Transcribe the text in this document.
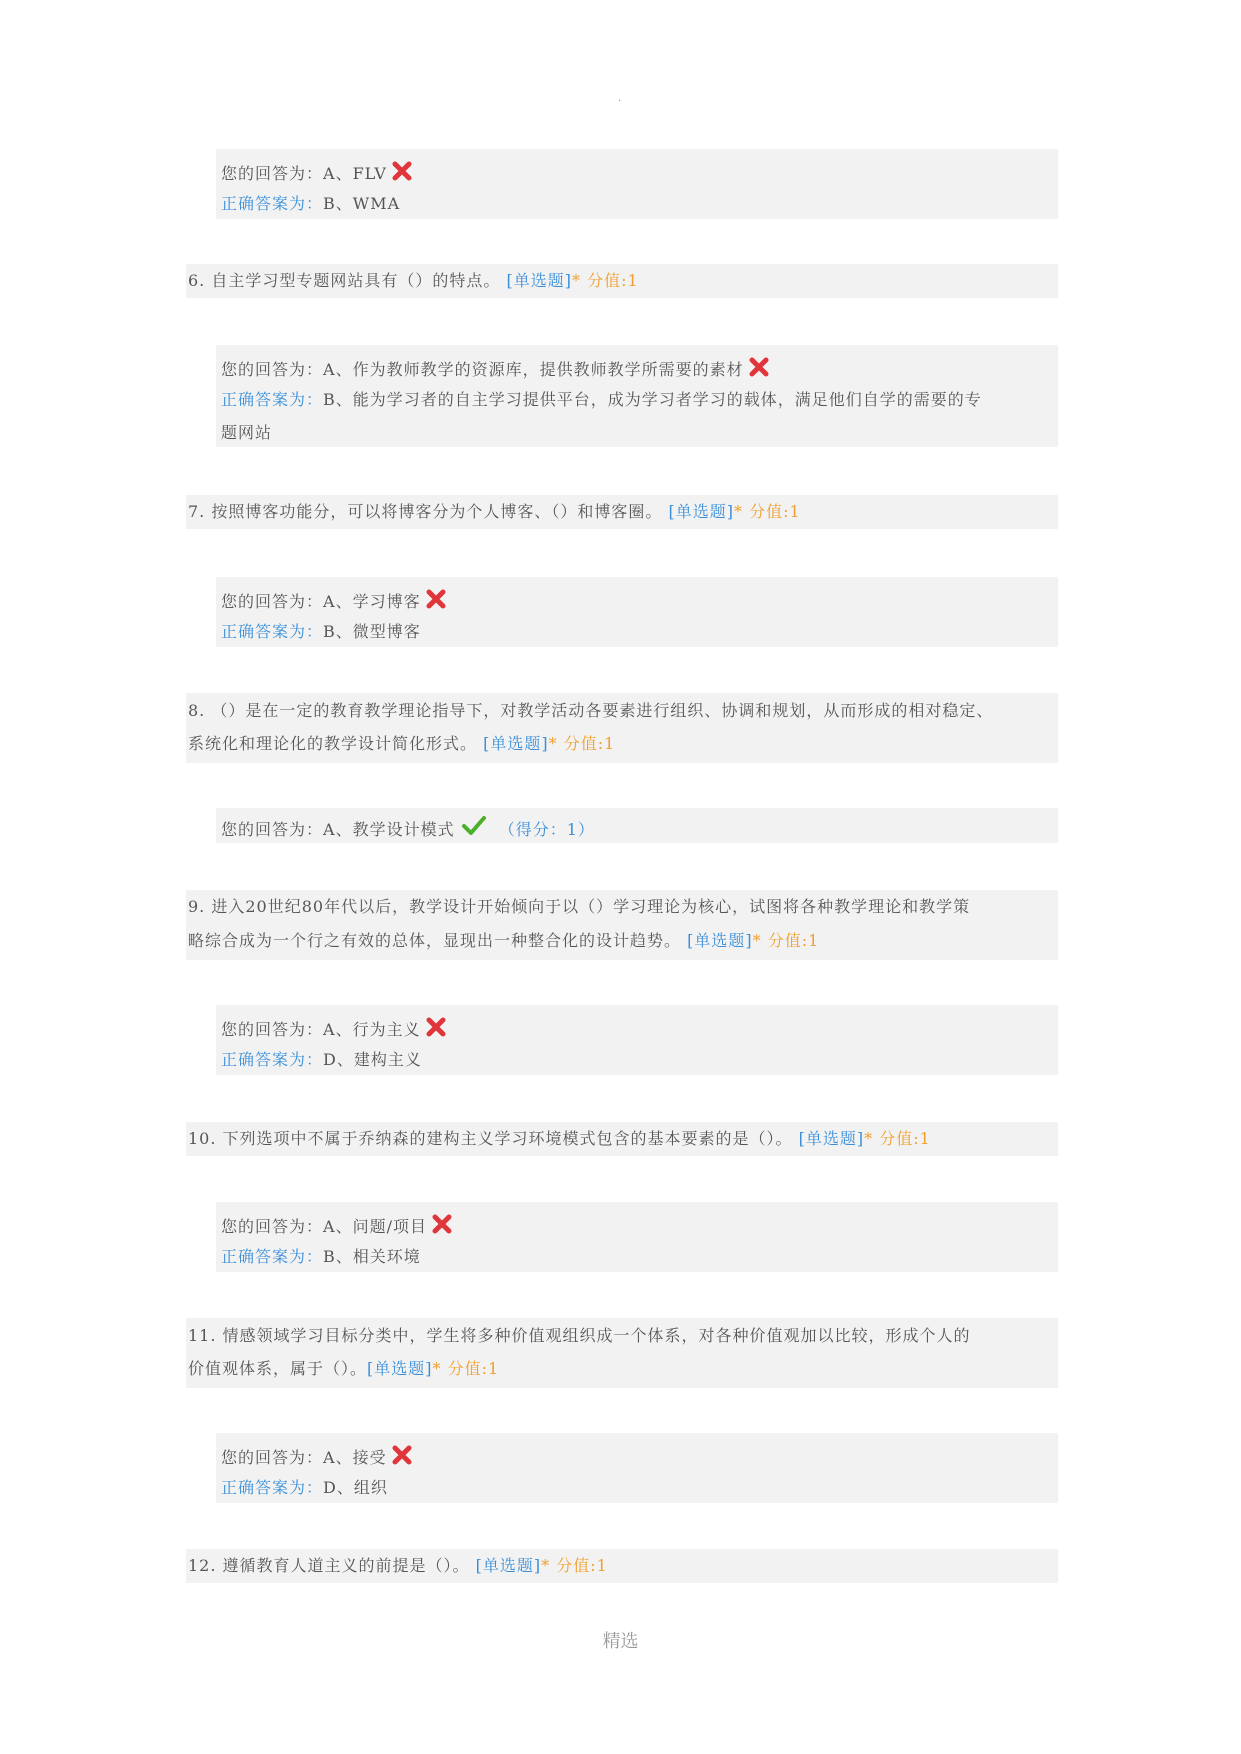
·
您的回答为：A、FLV
正确答案为：B、WMA
6. 自主学习型专题网站具有（）的特点。 [单选题]* 分值:1
您的回答为：A、作为教师教学的资源库，提供教师教学所需要的素材
正确答案为：B、能为学习者的自主学习提供平台，成为学习者学习的载体，满足他们自学的需要的专
题网站
7. 按照博客功能分，可以将博客分为个人博客、（）和博客圈。 [单选题]* 分值:1
您的回答为：A、学习博客
正确答案为：B、微型博客
8. （）是在一定的教育教学理论指导下，对教学活动各要素进行组织、协调和规划，从而形成的相对稳定、
系统化和理论化的教学设计简化形式。 [单选题]* 分值:1
您的回答为：A、教学设计模式	（得分：1）
9. 进入20世纪80年代以后，教学设计开始倾向于以（）学习理论为核心，试图将各种教学理论和教学策
略综合成为一个行之有效的总体，显现出一种整合化的设计趋势。 [单选题]* 分值:1
您的回答为：A、行为主义
正确答案为：D、建构主义
10. 下列选项中不属于乔纳森的建构主义学习环境模式包含的基本要素的是（）。 [单选题]* 分值:1
您的回答为：A、问题/项目
正确答案为：B、相关环境
11. 情感领域学习目标分类中，学生将多种价值观组织成一个体系，对各种价值观加以比较，形成个人的
价值观体系，属于（）。[单选题]* 分值:1
您的回答为：A、接受
正确答案为：D、组织
12. 遵循教育人道主义的前提是（）。 [单选题]* 分值:1
精选
